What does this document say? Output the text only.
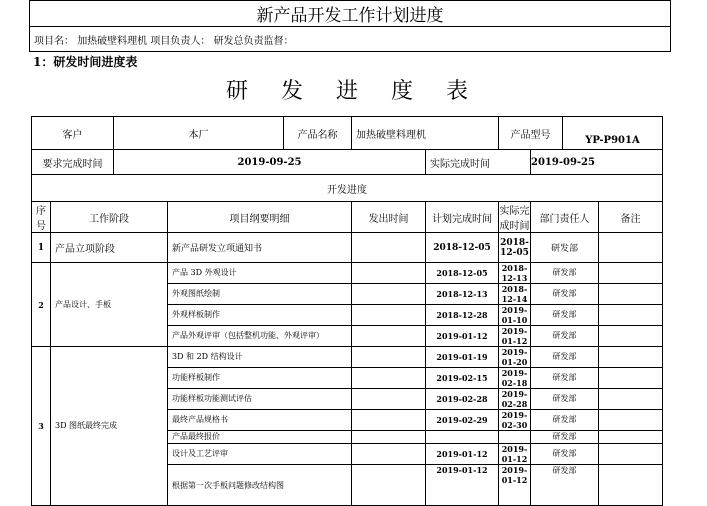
新产品开发工作计划进度
项目名： 加热破壁料理机 项目负责人： 研发总负责监督：
1：研发时间进度表
研 发 进 度 表
客户		本厂		产品名称	加热破壁料理机		产品型号		YP-P901A	
要求完成时间		2019-09-25				实际完成时间		2019-09-25		
开发进度										
序号	工作阶段		项目纲要明细		发出时间	计划完成时间	实际完成时间	部门责任人		备注
1	产品立项阶段		新产品研发立项通知书			2018-12-05	2018-12-05	研发部		
2	产品设计、手板		产品 3D 外观设计			2018-12-05	2018-12-13	研发部		
			外观图纸绘制			2018-12-13	2018-12-14	研发部		
			外观样板制作			2018-12-28	2019-01-10	研发部		
			产品外观评审（包括整机功能、外观评审）			2019-01-12	2019-01-12	研发部		
3	3D 图纸最终完成		3D 和 2D 结构设计			2019-01-19	2019-01-20	研发部		
			功能样板制作			2019-02-15	2019-02-18	研发部		
			功能样板功能测试评估			2019-02-28	2019-02-28	研发部		
			最终产品规格书			2019-02-29	2019-02-30	研发部		
			产品最终报价					研发部		
			设计及工艺评审			2019-01-12	2019-01-12	研发部		
			根据第一次手板问题修改结构图			2019-01-12	2019-01-12	研发部		
